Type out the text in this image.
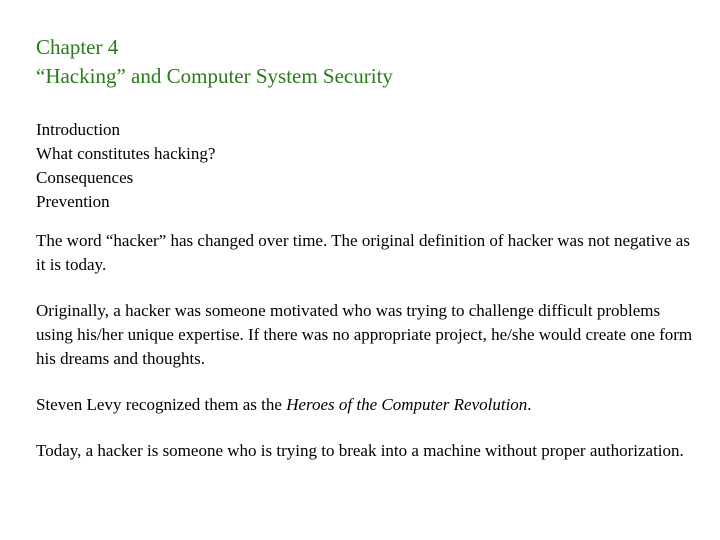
Chapter 4
“Hacking” and Computer System Security
Introduction
What constitutes hacking?
Consequences
Prevention

The word “hacker” has changed over time. The original definition of hacker was not negative as it is today.

Originally, a hacker was someone motivated who was trying to challenge difficult problems using his/her unique expertise. If there was no appropriate project, he/she would create one form his dreams and thoughts.

Steven Levy recognized them as the Heroes of the Computer Revolution.

Today, a hacker is someone who is trying to break into a machine without proper authorization.
